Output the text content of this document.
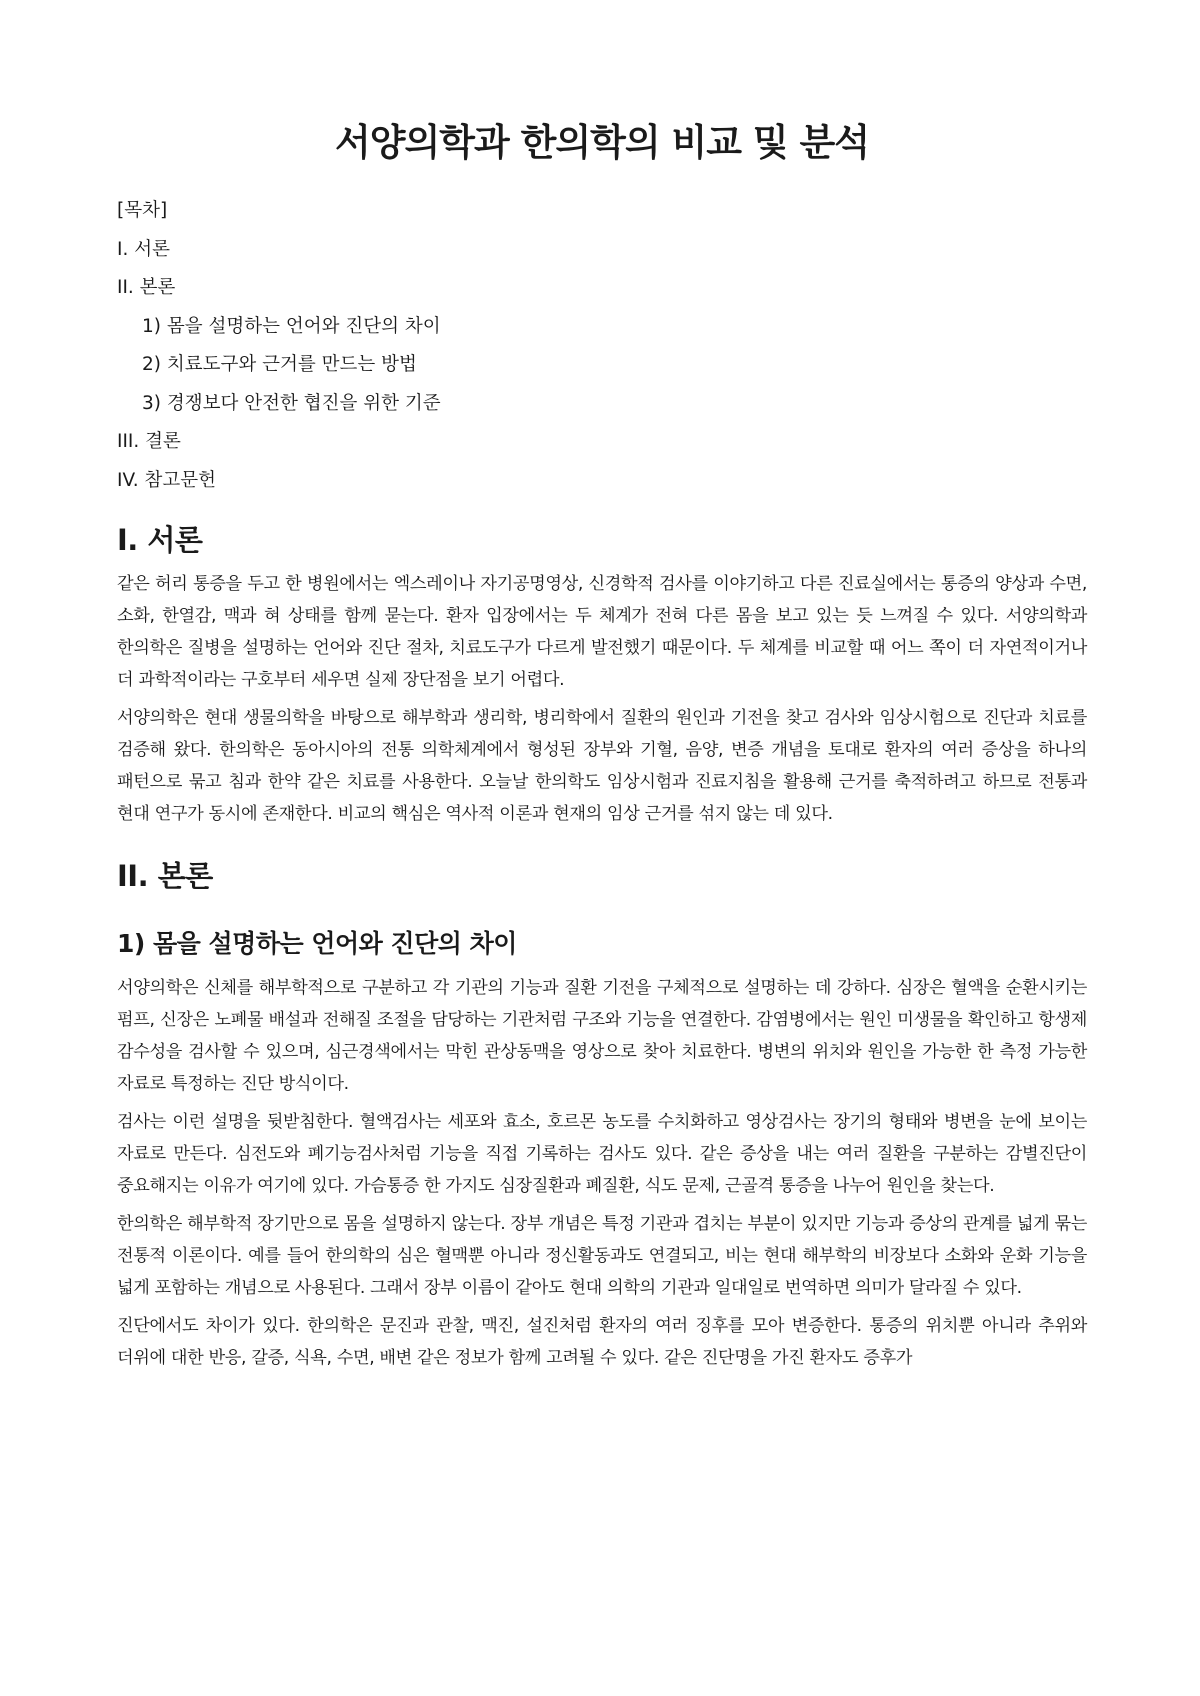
서양의학과 한의학의 비교 및 분석
[목차]
I. 서론
II. 본론
1) 몸을 설명하는 언어와 진단의 차이
2) 치료도구와 근거를 만드는 방법
3) 경쟁보다 안전한 협진을 위한 기준
III. 결론
IV. 참고문헌
I. 서론

같은 허리 통증을 두고 한 병원에서는 엑스레이나 자기공명영상, 신경학적 검사를 이야기하고 다른 진료실에서는 통증의 양상과 수면, 소화, 한열감, 맥과 혀 상태를 함께 묻는다. 환자 입장에서는 두 체계가 전혀 다른 몸을 보고 있는 듯 느껴질 수 있다. 서양의학과 한의학은 질병을 설명하는 언어와 진단 절차, 치료도구가 다르게 발전했기 때문이다. 두 체계를 비교할 때 어느 쪽이 더 자연적이거나 더 과학적이라는 구호부터 세우면 실제 장단점을 보기 어렵다.

서양의학은 현대 생물의학을 바탕으로 해부학과 생리학, 병리학에서 질환의 원인과 기전을 찾고 검사와 임상시험으로 진단과 치료를 검증해 왔다. 한의학은 동아시아의 전통 의학체계에서 형성된 장부와 기혈, 음양, 변증 개념을 토대로 환자의 여러 증상을 하나의 패턴으로 묶고 침과 한약 같은 치료를 사용한다. 오늘날 한의학도 임상시험과 진료지침을 활용해 근거를 축적하려고 하므로 전통과 현대 연구가 동시에 존재한다. 비교의 핵심은 역사적 이론과 현재의 임상 근거를 섞지 않는 데 있다.

II. 본론
1) 몸을 설명하는 언어와 진단의 차이

서양의학은 신체를 해부학적으로 구분하고 각 기관의 기능과 질환 기전을 구체적으로 설명하는 데 강하다. 심장은 혈액을 순환시키는 펌프, 신장은 노폐물 배설과 전해질 조절을 담당하는 기관처럼 구조와 기능을 연결한다. 감염병에서는 원인 미생물을 확인하고 항생제 감수성을 검사할 수 있으며, 심근경색에서는 막힌 관상동맥을 영상으로 찾아 치료한다. 병변의 위치와 원인을 가능한 한 측정 가능한 자료로 특정하는 진단 방식이다.

검사는 이런 설명을 뒷받침한다. 혈액검사는 세포와 효소, 호르몬 농도를 수치화하고 영상검사는 장기의 형태와 병변을 눈에 보이는 자료로 만든다. 심전도와 폐기능검사처럼 기능을 직접 기록하는 검사도 있다. 같은 증상을 내는 여러 질환을 구분하는 감별진단이 중요해지는 이유가 여기에 있다. 가슴통증 한 가지도 심장질환과 폐질환, 식도 문제, 근골격 통증을 나누어 원인을 찾는다.

한의학은 해부학적 장기만으로 몸을 설명하지 않는다. 장부 개념은 특정 기관과 겹치는 부분이 있지만 기능과 증상의 관계를 넓게 묶는 전통적 이론이다. 예를 들어 한의학의 심은 혈맥뿐 아니라 정신활동과도 연결되고, 비는 현대 해부학의 비장보다 소화와 운화 기능을 넓게 포함하는 개념으로 사용된다. 그래서 장부 이름이 같아도 현대 의학의 기관과 일대일로 번역하면 의미가 달라질 수 있다.

진단에서도 차이가 있다. 한의학은 문진과 관찰, 맥진, 설진처럼 환자의 여러 징후를 모아 변증한다. 통증의 위치뿐 아니라 추위와 더위에 대한 반응, 갈증, 식욕, 수면, 배변 같은 정보가 함께 고려될 수 있다. 같은 진단명을 가진 환자도 증후가
